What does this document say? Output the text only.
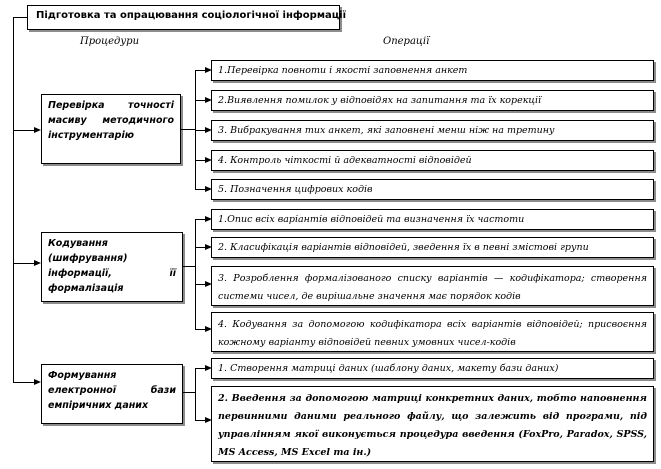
Підготовка та опрацювання соціологічної інформації
Процедури	Операції
Перевірка точності масиву методичного інструментарію
1.Перевірка повноти і якості заповнення анкет
2.Виявлення помилок у відповідях на запитання та їх корекції
3. Вибракування тих анкет, які заповнені менш ніж на третину
4. Контроль чіткості й адекватності відповідей
5. Позначення цифрових кодів
Кодування (шифрування) інформації, її формалізація
1.Опис всіх варіантів відповідей та визначення їх частоти
2. Класифікація варіантів відповідей, зведення їх в певні змістові групи
3. Розроблення формалізованого списку варіантів — кодифікатора; створення системи чисел, де вирішальне значення має порядок кодів
4. Кодування за допомогою кодифікатора всіх варіантів відповідей; присвоєння кожному варіанту відповідей певних умовних чисел-кодів
Формування електронної бази емпіричних даних
1. Створення матриці даних (шаблону даних, макету бази даних)
2. Введення за допомогою матриці конкретних даних, тобто наповнення первинними даними реального файлу, що залежить від програми, під управлінням якої виконується процедура введення (FoxPro, Paradox, SPSS, MS Access, MS Excel та ін.)
